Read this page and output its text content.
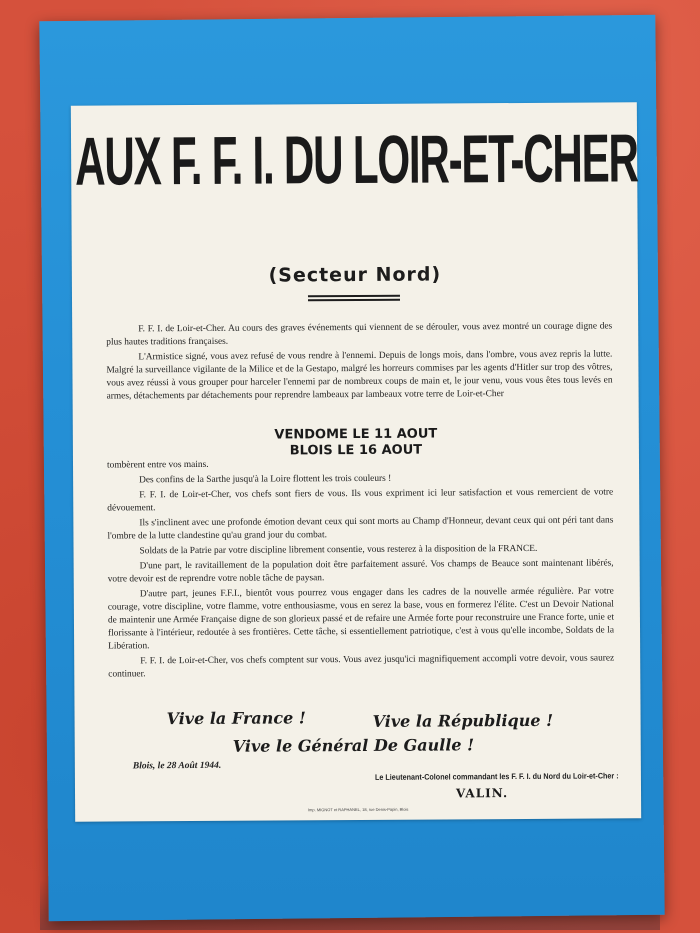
AUX F. F. I. DU LOIR-ET-CHER
(Secteur Nord)

F. F. I. de Loir-et-Cher. Au cours des graves événements qui viennent de se dérouler, vous avez montré un courage digne des plus hautes traditions françaises.

L'Armistice signé, vous avez refusé de vous rendre à l'ennemi. Depuis de longs mois, dans l'ombre, vous avez repris la lutte. Malgré la surveillance vigilante de la Milice et de la Gestapo, malgré les horreurs commises par les agents d'Hitler sur trop des vôtres, vous avez réussi à vous grouper pour harceler l'ennemi par de nombreux coups de main et, le jour venu, vous vous êtes tous levés en armes, détachements par détachements pour reprendre lambeaux par lambeaux votre terre de Loir-et-Cher

VENDOME LE 11 AOUT
BLOIS LE 16 AOUT

tombèrent entre vos mains.

Des confins de la Sarthe jusqu'à la Loire flottent les trois couleurs !

F. F. I. de Loir-et-Cher, vos chefs sont fiers de vous. Ils vous expriment ici leur satisfaction et vous remercient de votre dévouement.

Ils s'inclinent avec une profonde émotion devant ceux qui sont morts au Champ d'Honneur, devant ceux qui ont péri tant dans l'ombre de la lutte clandestine qu'au grand jour du combat.

Soldats de la Patrie par votre discipline librement consentie, vous resterez à la disposition de la FRANCE.

D'une part, le ravitaillement de la population doit être parfaitement assuré. Vos champs de Beauce sont maintenant libérés, votre devoir est de reprendre votre noble tâche de paysan.

D'autre part, jeunes F.F.I., bientôt vous pourrez vous engager dans les cadres de la nouvelle armée régulière. Par votre courage, votre discipline, votre flamme, votre enthousiasme, vous en serez la base, vous en formerez l'élite. C'est un Devoir National de maintenir une Armée Française digne de son glorieux passé et de refaire une Armée forte pour reconstruire une France forte, unie et florissante à l'intérieur, redoutée à ses frontières. Cette tâche, si essentiellement patriotique, c'est à vous qu'elle incombe, Soldats de la Libération.

F. F. I. de Loir-et-Cher, vos chefs comptent sur vous. Vous avez jusqu'ici magnifiquement accompli votre devoir, vous saurez continuer.

Vive la France !	Vive la République !
Vive le Général De Gaulle !
Blois, le 28 Août 1944.
Le Lieutenant-Colonel commandant les F. F. I. du Nord du Loir-et-Cher :
VALIN.
Imp. MIGNOT et RAPHANEL, 18, rue Denis-Papin, Blois
